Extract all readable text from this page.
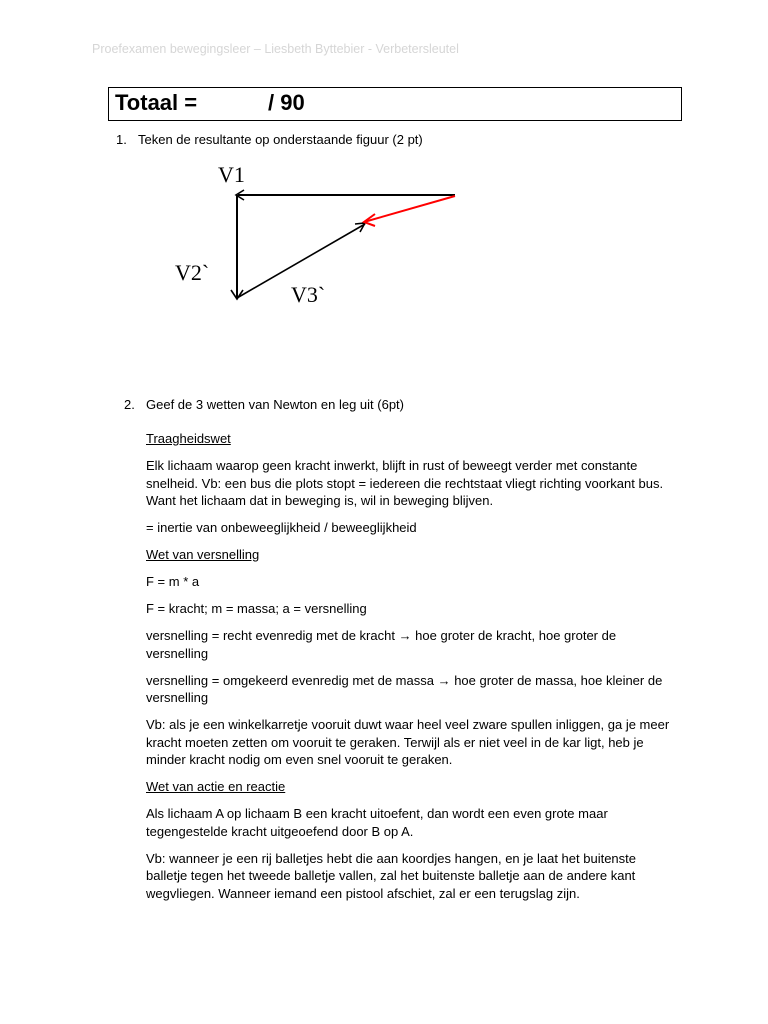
Proefexamen bewegingsleer – Liesbeth Byttebier - Verbetersleutel
Totaal =	/ 90
1. Teken de resultante op onderstaande figuur (2 pt)
V1
V2`
V3`
2. Geef de 3 wetten van Newton en leg uit (6pt)

Traagheidswet

Elk lichaam waarop geen kracht inwerkt, blijft in rust of beweegt verder met constante
snelheid. Vb: een bus die plots stopt = iedereen die rechtstaat vliegt richting voorkant bus.
Want het lichaam dat in beweging is, wil in beweging blijven.

= inertie van onbeweeglijkheid / beweeglijkheid

Wet van versnelling

F = m * a

F = kracht; m = massa; a = versnelling

versnelling = recht evenredig met de kracht → hoe groter de kracht, hoe groter de
versnelling

versnelling = omgekeerd evenredig met de massa → hoe groter de massa, hoe kleiner de
versnelling

Vb: als je een winkelkarretje vooruit duwt waar heel veel zware spullen inliggen, ga je meer
kracht moeten zetten om vooruit te geraken. Terwijl als er niet veel in de kar ligt, heb je
minder kracht nodig om even snel vooruit te geraken.

Wet van actie en reactie

Als lichaam A op lichaam B een kracht uitoefent, dan wordt een even grote maar
tegengestelde kracht uitgeoefend door B op A.

Vb: wanneer je een rij balletjes hebt die aan koordjes hangen, en je laat het buitenste
balletje tegen het tweede balletje vallen, zal het buitenste balletje aan de andere kant
wegvliegen. Wanneer iemand een pistool afschiet, zal er een terugslag zijn.
